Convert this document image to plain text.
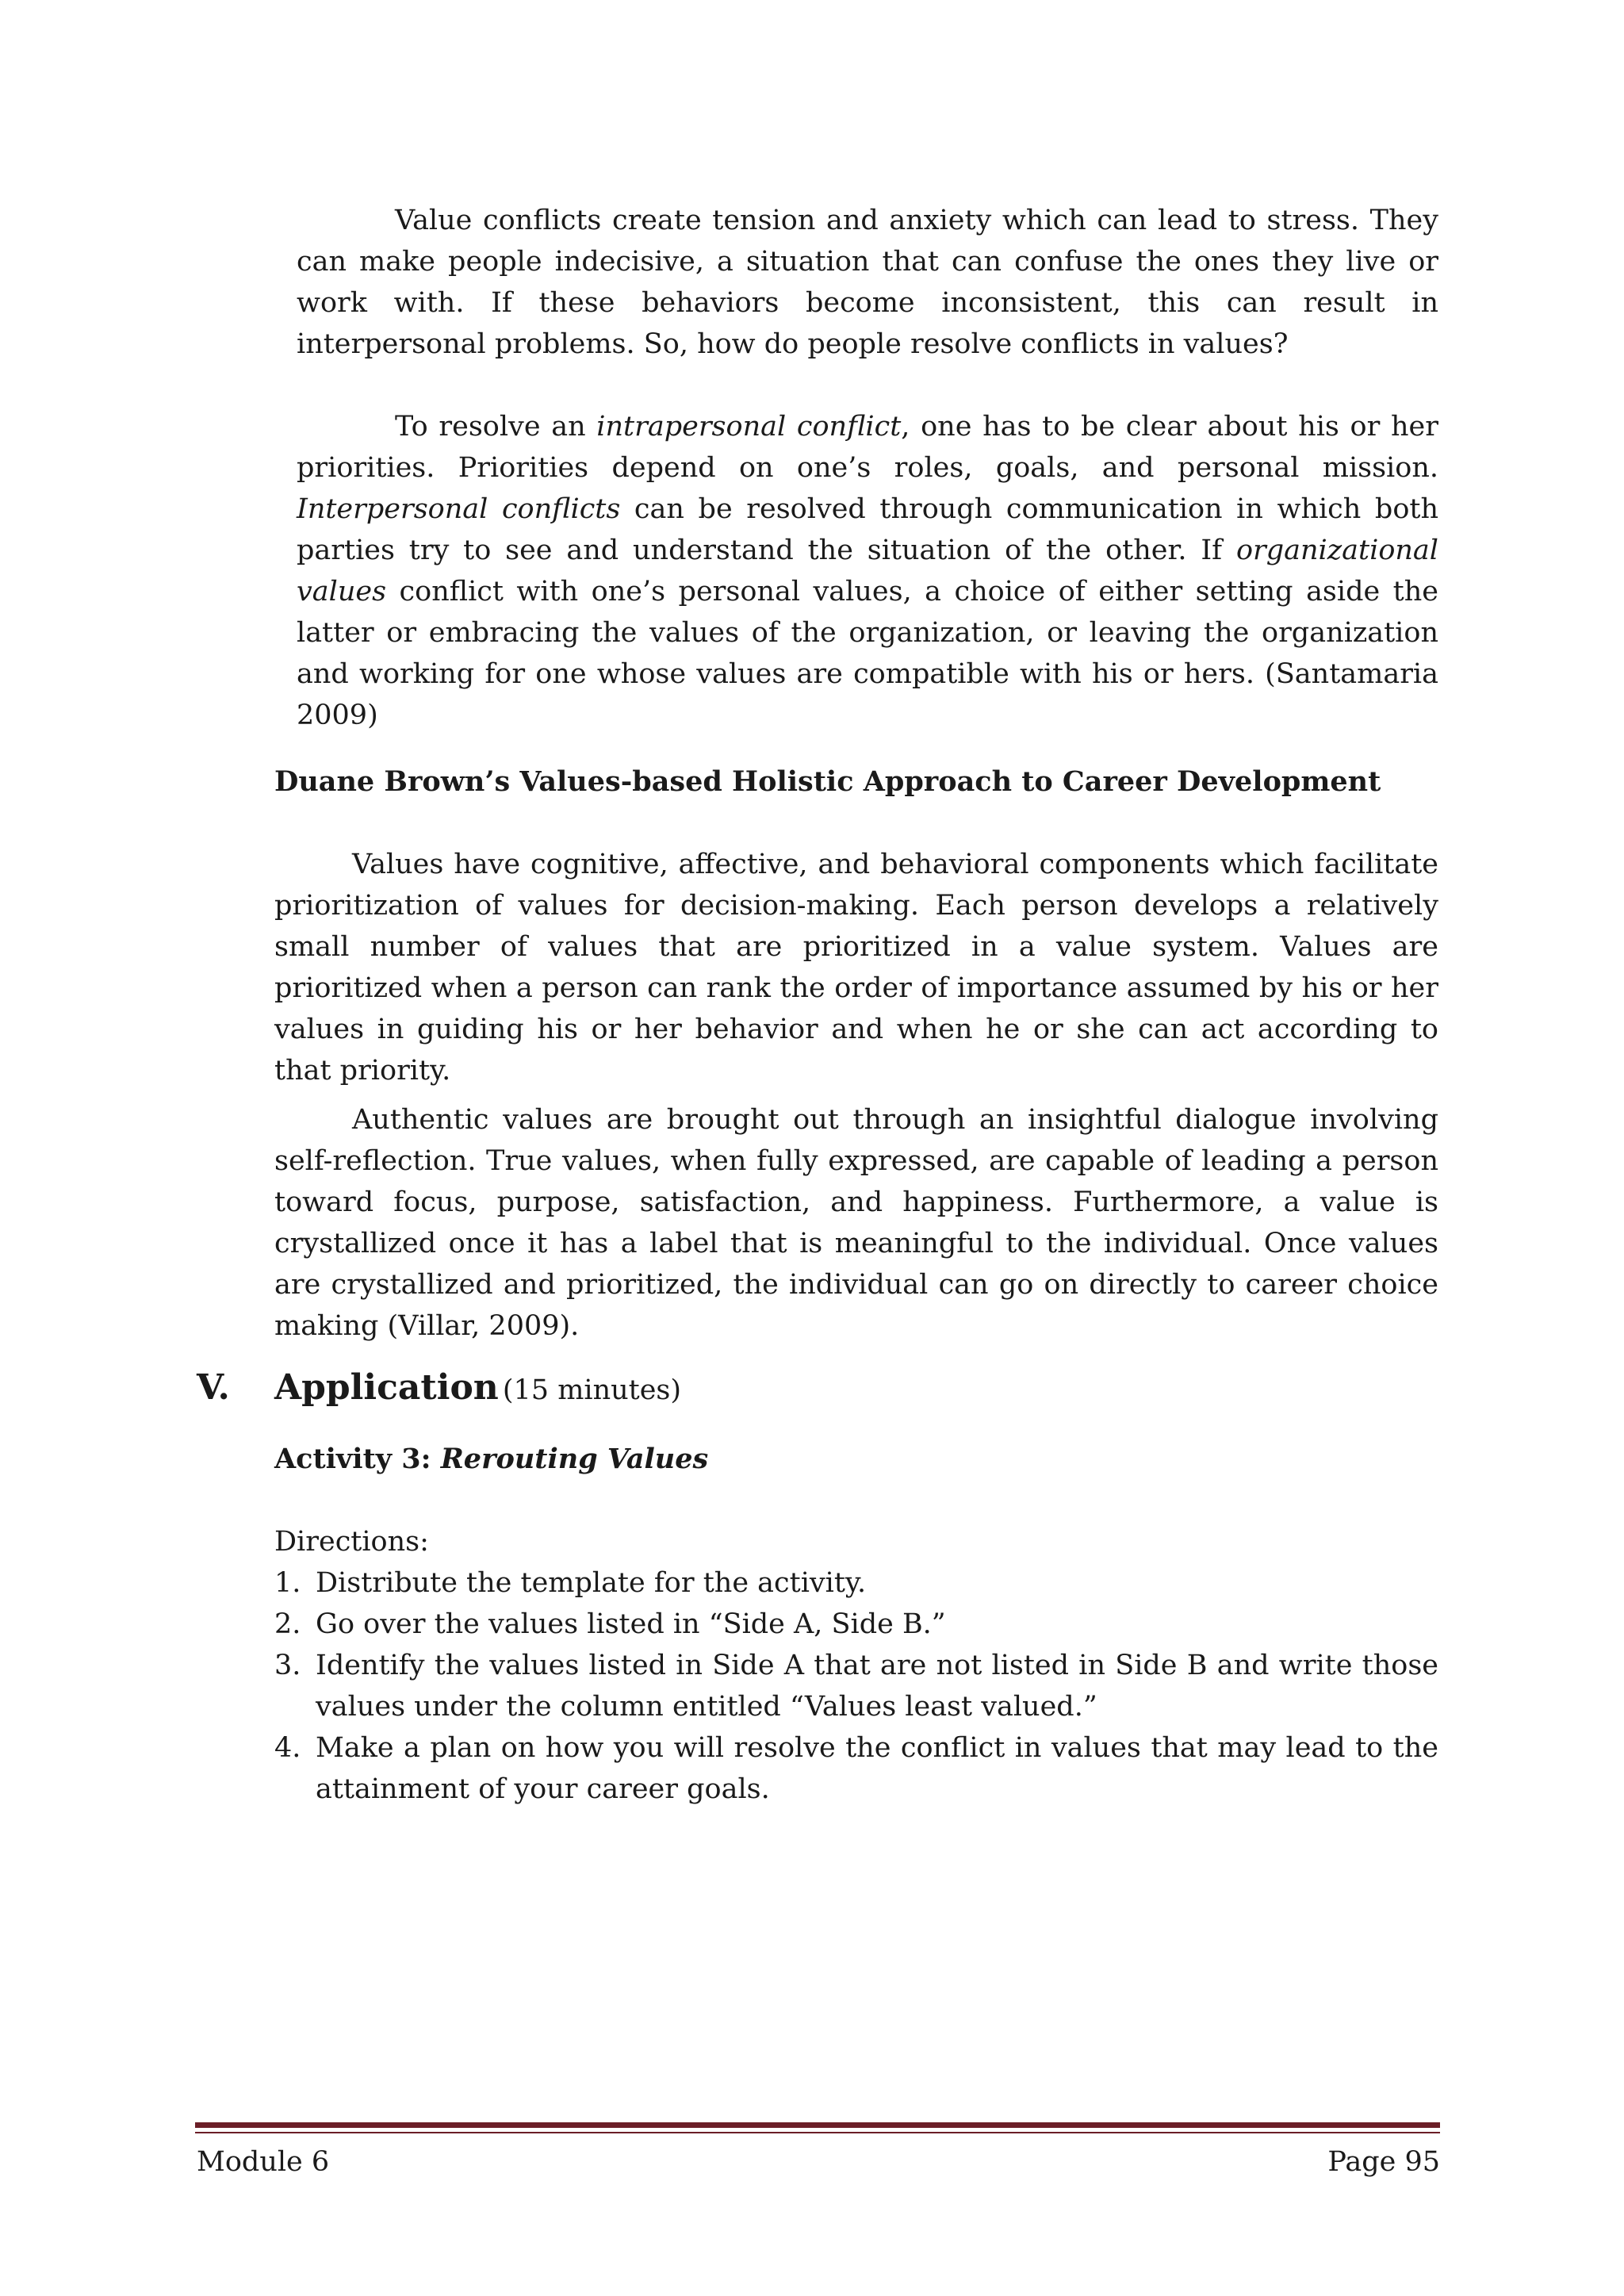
Value conflicts create tension and anxiety which can lead to stress. They can make people indecisive, a situation that can confuse the ones they live or work with. If these behaviors become inconsistent, this can result in interpersonal problems. So, how do people resolve conflicts in values?

To resolve an intrapersonal conflict, one has to be clear about his or her priorities. Priorities depend on one’s roles, goals, and personal mission. Interpersonal conflicts can be resolved through communication in which both parties try to see and understand the situation of the other. If organizational values conflict with one’s personal values, a choice of either setting aside the latter or embracing the values of the organization, or leaving the organization and working for one whose values are compatible with his or hers. (Santamaria 2009)

Duane Brown’s Values-based Holistic Approach to Career Development

Values have cognitive, affective, and behavioral components which facilitate prioritization of values for decision-making. Each person develops a relatively small number of values that are prioritized in a value system. Values are prioritized when a person can rank the order of importance assumed by his or her values in guiding his or her behavior and when he or she can act according to that priority.

Authentic values are brought out through an insightful dialogue involving self-reflection. True values, when fully expressed, are capable of leading a person toward focus, purpose, satisfaction, and happiness. Furthermore, a value is crystallized once it has a label that is meaningful to the individual. Once values are crystallized and prioritized, the individual can go on directly to career choice making (Villar, 2009).

V. Application (15 minutes)
Activity 3: Rerouting Values
Directions:
1. Distribute the template for the activity.
2. Go over the values listed in “Side A, Side B.”
3. Identify the values listed in Side A that are not listed in Side B and write those values under the column entitled “Values least valued.”
4. Make a plan on how you will resolve the conflict in values that may lead to the attainment of your career goals.
Module 6	Page 95
